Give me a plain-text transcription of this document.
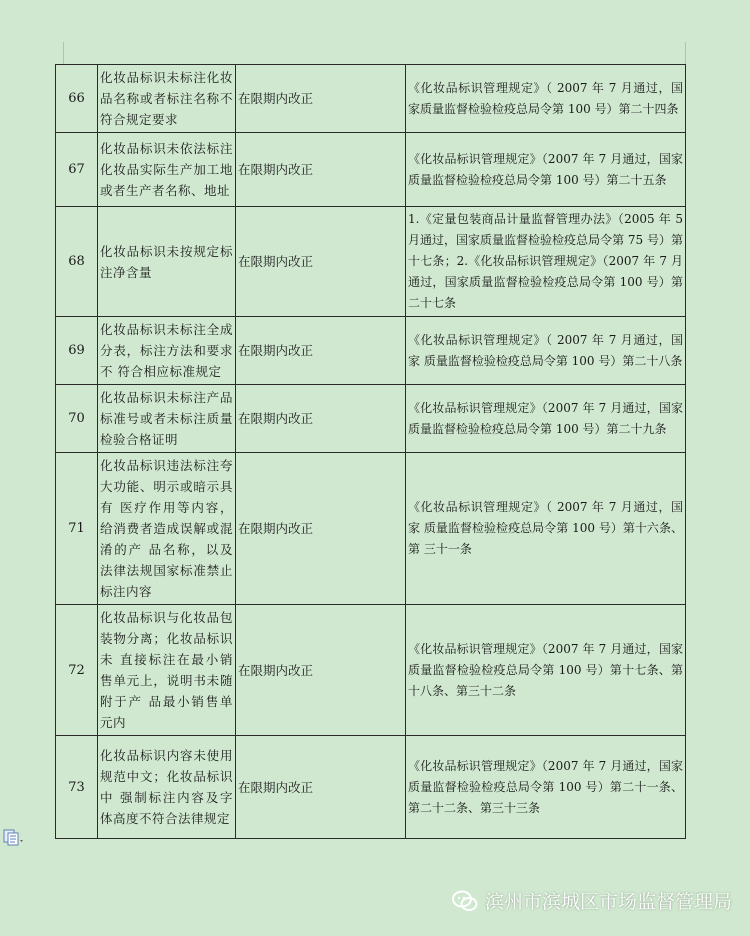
66	化妆品标识未标注化妆品名称或者标注名称不符合规定要求	在限期内改正	《化妆品标识管理规定》（ 2007 年 7 月通过，国家质量监督检验检疫总局令第 100 号）第二十四条
67	化妆品标识未依法标注化妆品实际生产加工地或者生产者名称、地址	在限期内改正	《化妆品标识管理规定》（2007 年 7 月通过，国家 质量监督检验检疫总局令第 100 号）第二十五条
68	化妆品标识未按规定标注净含量	在限期内改正	1.《定量包装商品计量监督管理办法》（2005 年 5 月通过，国家质量监督检验检疫总局令第 75 号）第 十七条；2.《化妆品标识管理规定》（2007 年 7 月通过，国家质量监督检验检疫总局令第 100 号）第二十七条
69	化妆品标识未标注全成分表，标注方法和要求不 符合相应标准规定	在限期内改正	《化妆品标识管理规定》（ 2007 年 7 月通过，国家 质量监督检验检疫总局令第 100 号）第二十八条
70	化妆品标识未标注产品标准号或者未标注质量检验合格证明	在限期内改正	《化妆品标识管理规定》（2007 年 7 月通过，国家 质量监督检验检疫总局令第 100 号）第二十九条
71	化妆品标识违法标注夸大功能、明示或暗示具有 医疗作用等内容，给消费者造成误解或混淆的产 品名称，以及法律法规国家标准禁止标注内容	在限期内改正	《化妆品标识管理规定》（ 2007 年 7 月通过，国家 质量监督检验检疫总局令第 100 号）第十六条、第 三十一条
72	化妆品标识与化妆品包装物分离；化妆品标识未 直接标注在最小销售单元上，说明书未随附于产 品最小销售单元内	在限期内改正	《化妆品标识管理规定》（2007 年 7 月通过，国家 质量监督检验检疫总局令第 100 号）第十七条、第 十八条、第三十二条
73	化妆品标识内容未使用规范中文；化妆品标识中 强制标注内容及字体高度不符合法律规定	在限期内改正	《化妆品标识管理规定》（2007 年 7 月通过，国家 质量监督检验检疫总局令第 100 号）第二十一条、 第二十二条、第三十三条
滨州市滨城区市场监督管理局
